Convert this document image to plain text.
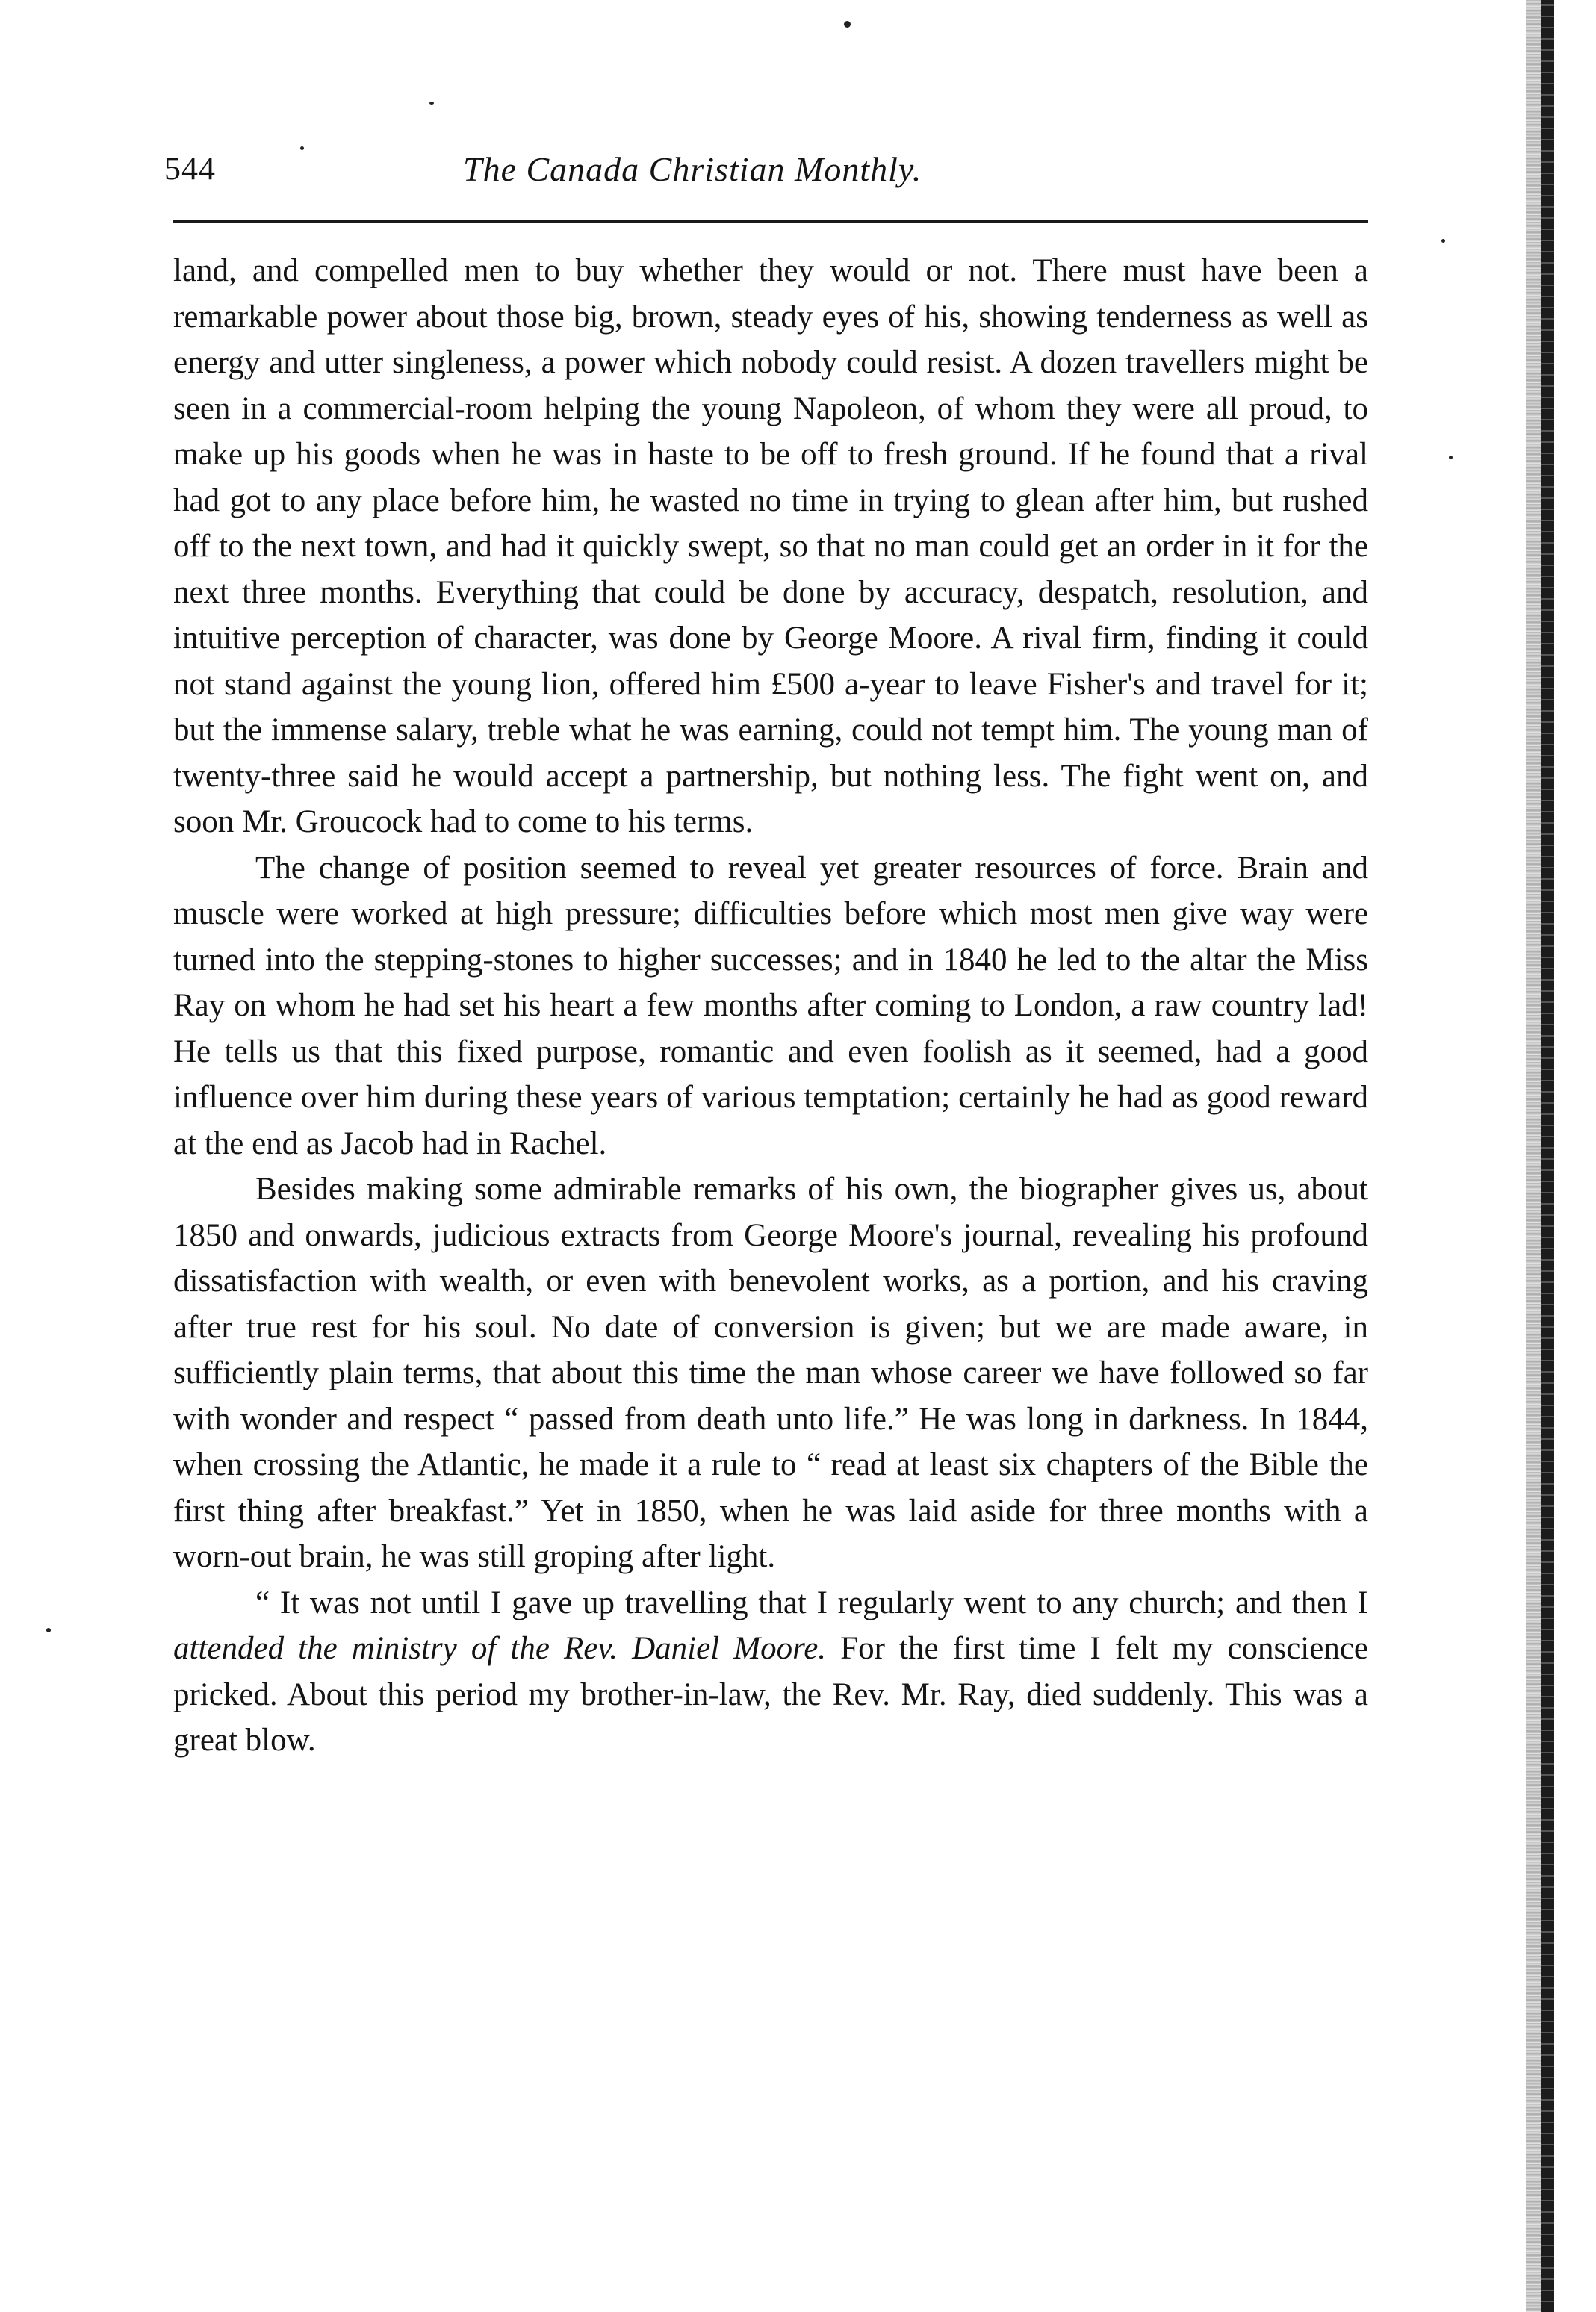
544	The Canada Christian Monthly.

land, and compelled men to buy whether they would or not. There must have been a remarkable power about those big, brown, steady eyes of his, showing tenderness as well as energy and utter singleness, a power which nobody could resist. A dozen travellers might be seen in a commercial-room helping the young Napoleon, of whom they were all proud, to make up his goods when he was in haste to be off to fresh ground. If he found that a rival had got to any place before him, he wasted no time in trying to glean after him, but rushed off to the next town, and had it quickly swept, so that no man could get an order in it for the next three months. Everything that could be done by accuracy, despatch, resolution, and intuitive perception of character, was done by George Moore. A rival firm, finding it could not stand against the young lion, offered him £500 a-year to leave Fisher's and travel for it; but the immense salary, treble what he was earning, could not tempt him. The young man of twenty-three said he would accept a partnership, but nothing less. The fight went on, and soon Mr. Groucock had to come to his terms.

The change of position seemed to reveal yet greater resources of force. Brain and muscle were worked at high pressure; difficulties before which most men give way were turned into the stepping-stones to higher successes; and in 1840 he led to the altar the Miss Ray on whom he had set his heart a few months after coming to London, a raw country lad! He tells us that this fixed purpose, romantic and even foolish as it seemed, had a good influence over him during these years of various temptation; certainly he had as good reward at the end as Jacob had in Rachel.

Besides making some admirable remarks of his own, the biographer gives us, about 1850 and onwards, judicious extracts from George Moore's journal, revealing his profound dissatisfaction with wealth, or even with benevolent works, as a portion, and his craving after true rest for his soul. No date of conversion is given; but we are made aware, in sufficiently plain terms, that about this time the man whose career we have followed so far with wonder and respect “ passed from death unto life.” He was long in darkness. In 1844, when crossing the Atlantic, he made it a rule to “ read at least six chapters of the Bible the first thing after breakfast.” Yet in 1850, when he was laid aside for three months with a worn-out brain, he was still groping after light.

“ It was not until I gave up travelling that I regularly went to any church; and then I attended the ministry of the Rev. Daniel Moore. For the first time I felt my conscience pricked. About this period my brother-in-law, the Rev. Mr. Ray, died suddenly. This was a great blow.
